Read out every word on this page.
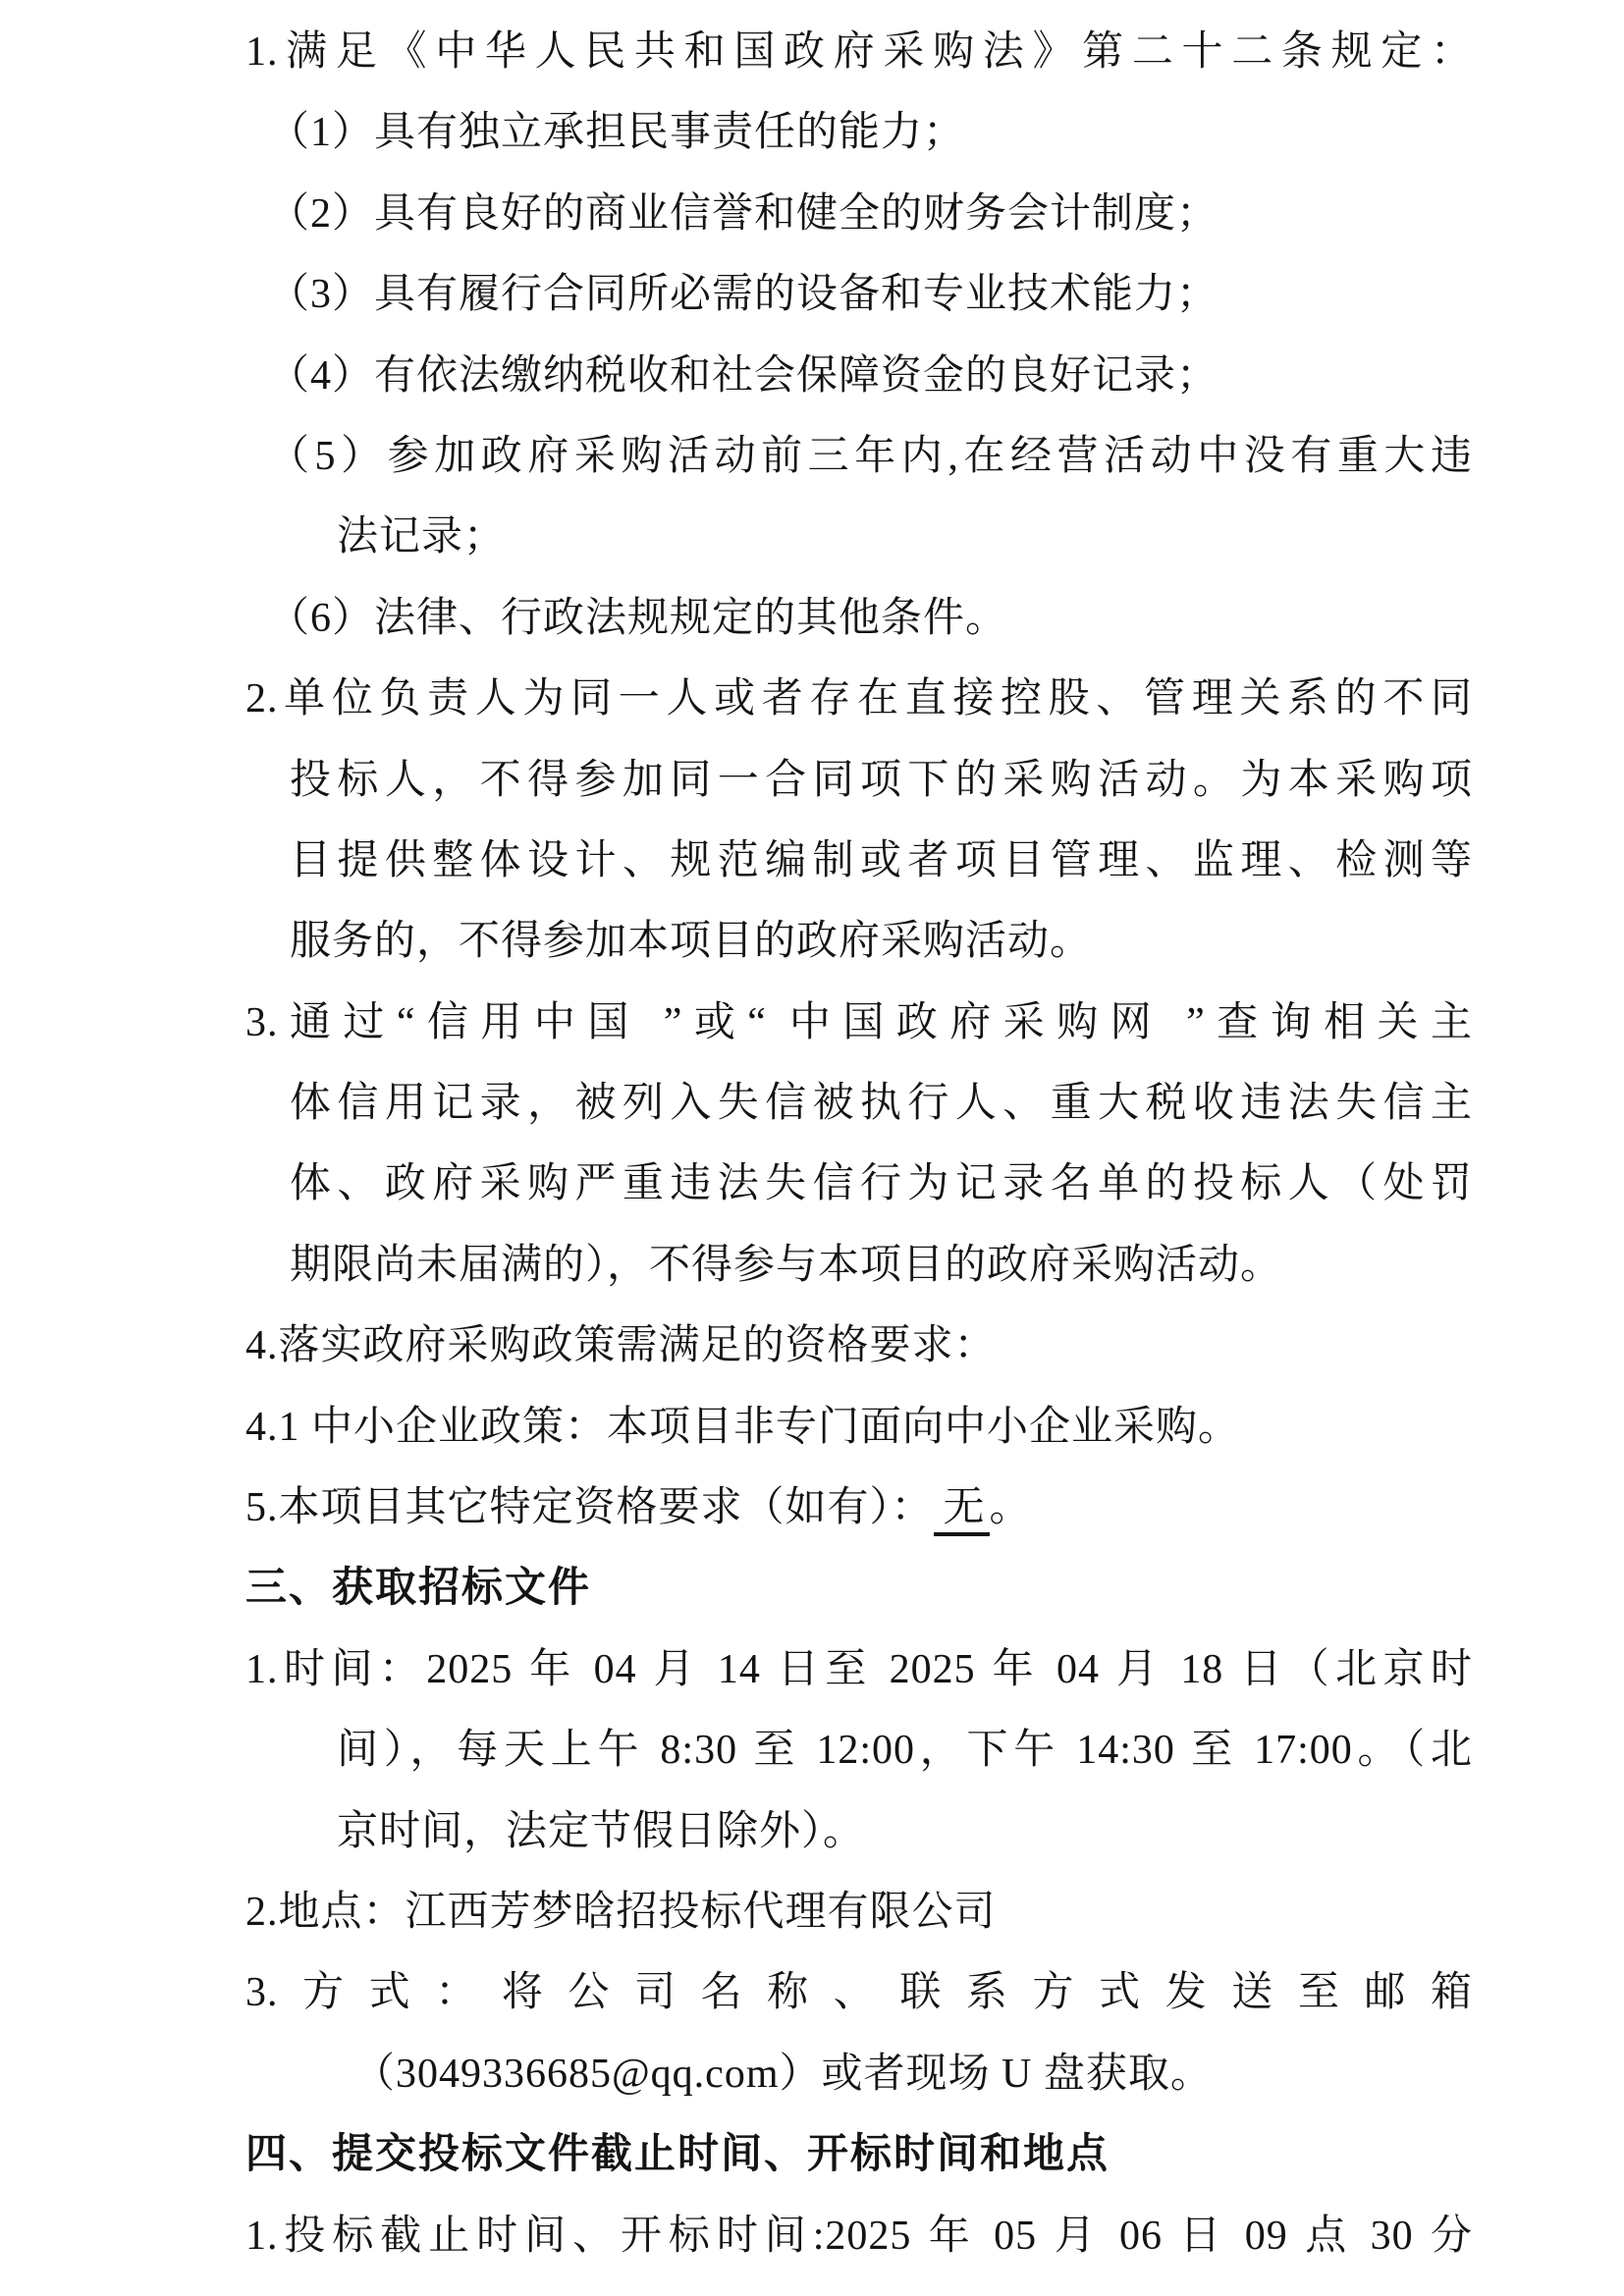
1.满足《中华人民共和国政府采购法》第二十二条规定：
（1）具有独立承担民事责任的能力；
（2）具有良好的商业信誉和健全的财务会计制度；
（3）具有履行合同所必需的设备和专业技术能力；
（4）有依法缴纳税收和社会保障资金的良好记录；
（5）参加政府采购活动前三年内,在经营活动中没有重大违
法记录；
（6）法律、行政法规规定的其他条件。
2.单位负责人为同一人或者存在直接控股、管理关系的不同
投标人，不得参加同一合同项下的采购活动。为本采购项
目提供整体设计、规范编制或者项目管理、监理、检测等
服务的，不得参加本项目的政府采购活动。
3.通过“信用中国 ”或“ 中国政府采购网 ”查询相关主
体信用记录，被列入失信被执行人、重大税收违法失信主
体、政府采购严重违法失信行为记录名单的投标人（处罚
期限尚未届满的），不得参与本项目的政府采购活动。
4.落实政府采购政策需满足的资格要求：
4.1 中小企业政策：本项目非专门面向中小企业采购。
5.本项目其它特定资格要求（如有）： 无。
三、获取招标文件
1.时间：2025 年 04 月 14 日至 2025 年 04 月 18 日（北京时
间），每天上午 8:30 至 12:00，下午 14:30 至 17:00。（北
京时间，法定节假日除外）。
2.地点：江西芳梦晗招投标代理有限公司
3.方式：将公司名称、联系方式发送至邮箱
（3049336685@qq.com）或者现场 U 盘获取。
四、提交投标文件截止时间、开标时间和地点
1.投标截止时间、开标时间:2025 年 05 月 06 日 09 点 30 分
